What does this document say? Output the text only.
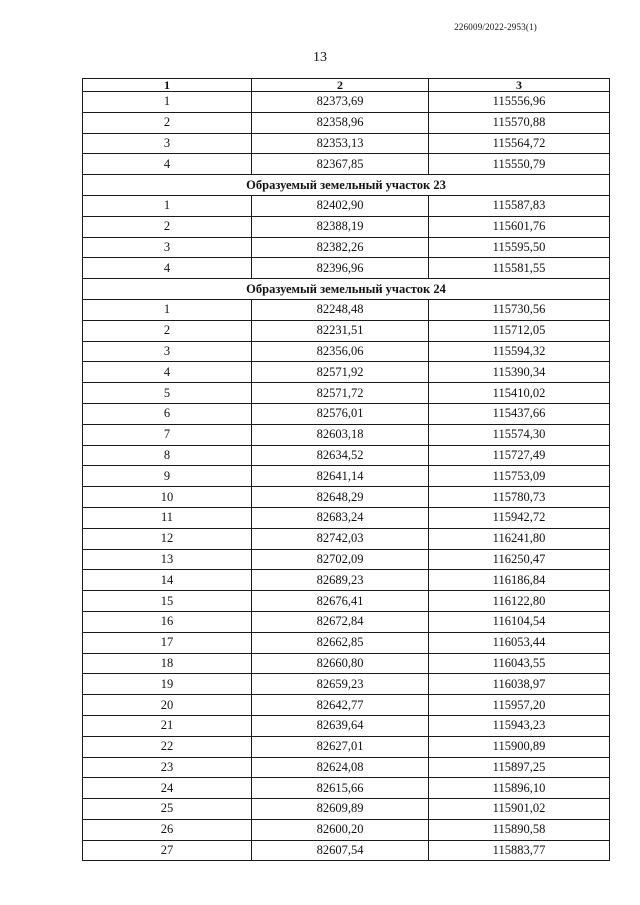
226009/2022-2953(1)
13
1	2	3
1	82373,69	115556,96
2	82358,96	115570,88
3	82353,13	115564,72
4	82367,85	115550,79
Образуемый земельный участок 23		
1	82402,90	115587,83
2	82388,19	115601,76
3	82382,26	115595,50
4	82396,96	115581,55
Образуемый земельный участок 24		
1	82248,48	115730,56
2	82231,51	115712,05
3	82356,06	115594,32
4	82571,92	115390,34
5	82571,72	115410,02
6	82576,01	115437,66
7	82603,18	115574,30
8	82634,52	115727,49
9	82641,14	115753,09
10	82648,29	115780,73
11	82683,24	115942,72
12	82742,03	116241,80
13	82702,09	116250,47
14	82689,23	116186,84
15	82676,41	116122,80
16	82672,84	116104,54
17	82662,85	116053,44
18	82660,80	116043,55
19	82659,23	116038,97
20	82642,77	115957,20
21	82639,64	115943,23
22	82627,01	115900,89
23	82624,08	115897,25
24	82615,66	115896,10
25	82609,89	115901,02
26	82600,20	115890,58
27	82607,54	115883,77
